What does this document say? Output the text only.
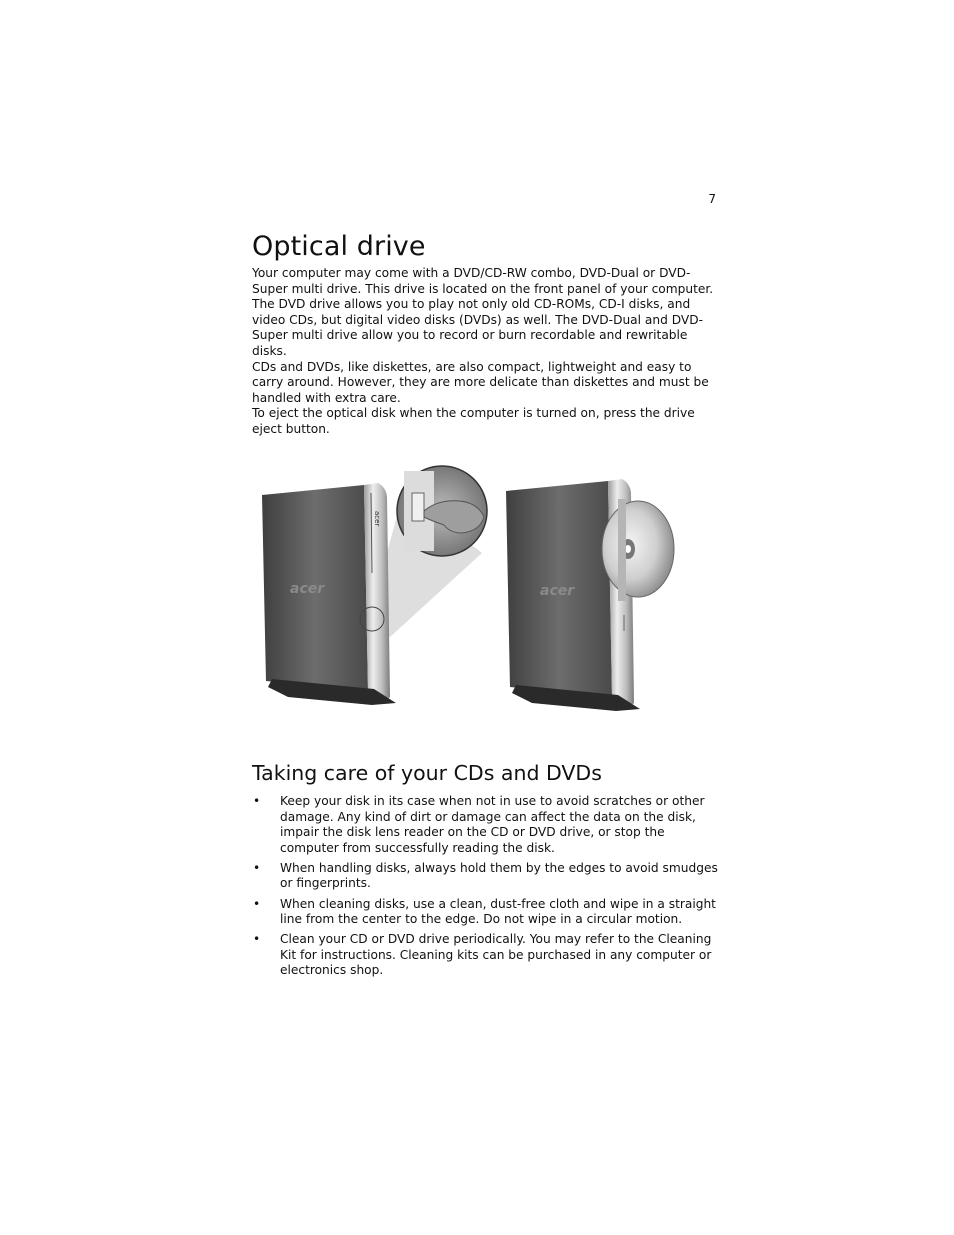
7
Optical drive

Your computer may come with a DVD/CD-RW combo, DVD-Dual or DVD-Super multi drive. This drive is located on the front panel of your computer. The DVD drive allows you to play not only old CD-ROMs, CD-I disks, and video CDs, but digital video disks (DVDs) as well. The DVD-Dual and DVD-Super multi drive allow you to record or burn recordable and rewritable disks.

CDs and DVDs, like diskettes, are also compact, lightweight and easy to carry around. However, they are more delicate than diskettes and must be handled with extra care.

To eject the optical disk when the computer is turned on, press the drive eject button.

acer
acer	acer
Taking care of your CDs and DVDs
• Keep your disk in its case when not in use to avoid scratches or other damage. Any kind of dirt or damage can affect the data on the disk, impair the disk lens reader on the CD or DVD drive, or stop the computer from successfully reading the disk.
• When handling disks, always hold them by the edges to avoid smudges or fingerprints.
• When cleaning disks, use a clean, dust-free cloth and wipe in a straight line from the center to the edge. Do not wipe in a circular motion.
• Clean your CD or DVD drive periodically. You may refer to the Cleaning Kit for instructions. Cleaning kits can be purchased in any computer or electronics shop.
